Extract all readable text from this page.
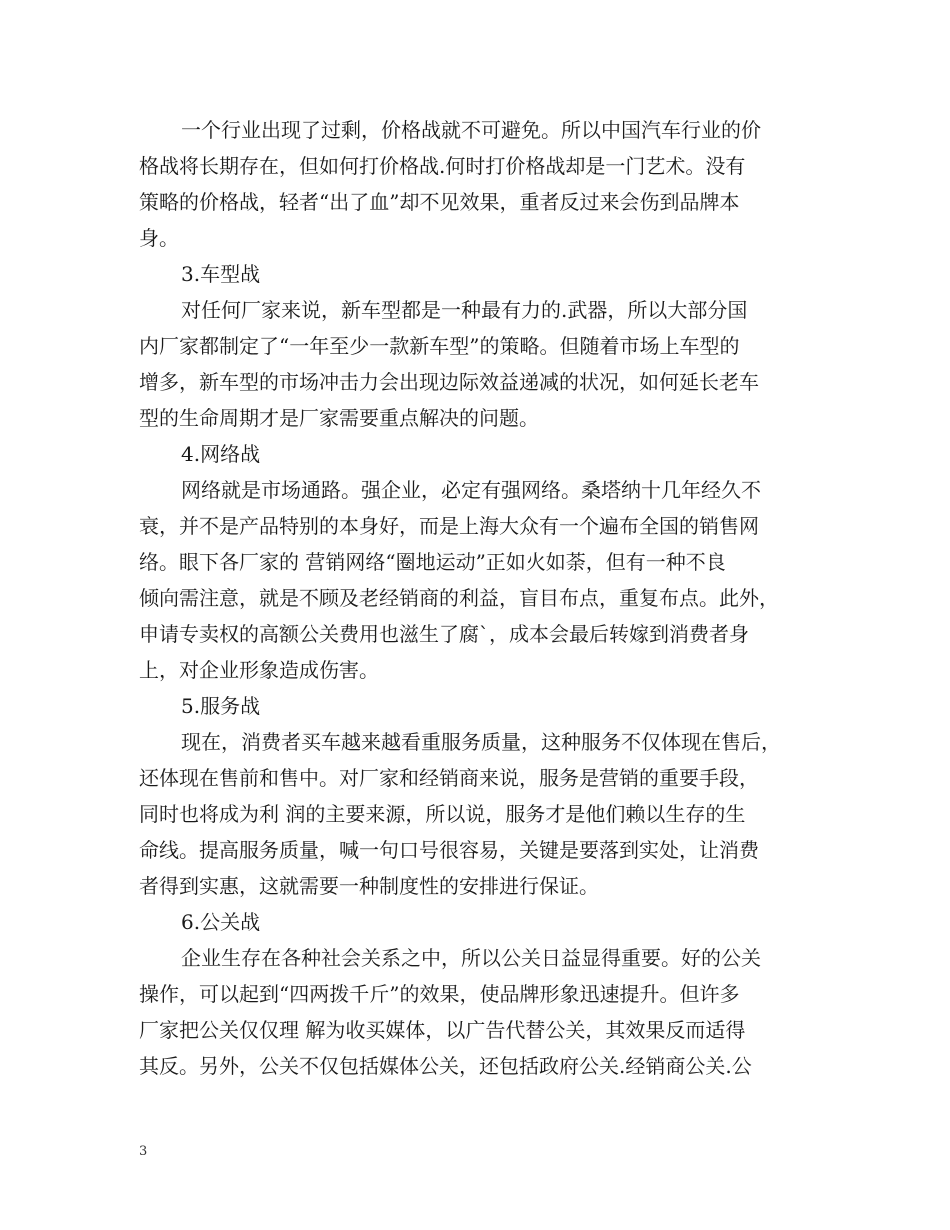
一个行业出现了过剩，价格战就不可避免。所以中国汽车行业的价
格战将长期存在，但如何打价格战.何时打价格战却是一门艺术。没有
策略的价格战，轻者“出了血”却不见效果，重者反过来会伤到品牌本
身。

3.车型战

对任何厂家来说，新车型都是一种最有力的.武器，所以大部分国
内厂家都制定了“一年至少一款新车型”的策略。但随着市场上车型的
增多，新车型的市场冲击力会出现边际效益递减的状况，如何延长老车
型的生命周期才是厂家需要重点解决的问题。

4.网络战

网络就是市场通路。强企业，必定有强网络。桑塔纳十几年经久不
衰，并不是产品特别的本身好，而是上海大众有一个遍布全国的销售网
络。眼下各厂家的 营销网络“圈地运动”正如火如荼，但有一种不良
倾向需注意，就是不顾及老经销商的利益，盲目布点，重复布点。此外，
申请专卖权的高额公关费用也滋生了腐`，成本会最后转嫁到消费者身
上，对企业形象造成伤害。

5.服务战

现在，消费者买车越来越看重服务质量，这种服务不仅体现在售后，
还体现在售前和售中。对厂家和经销商来说，服务是营销的重要手段，
同时也将成为利 润的主要来源，所以说，服务才是他们赖以生存的生
命线。提高服务质量，喊一句口号很容易，关键是要落到实处，让消费
者得到实惠，这就需要一种制度性的安排进行保证。

6.公关战

企业生存在各种社会关系之中，所以公关日益显得重要。好的公关
操作，可以起到“四两拨千斤”的效果，使品牌形象迅速提升。但许多
厂家把公关仅仅理 解为收买媒体，以广告代替公关，其效果反而适得
其反。另外，公关不仅包括媒体公关，还包括政府公关.经销商公关.公

3
